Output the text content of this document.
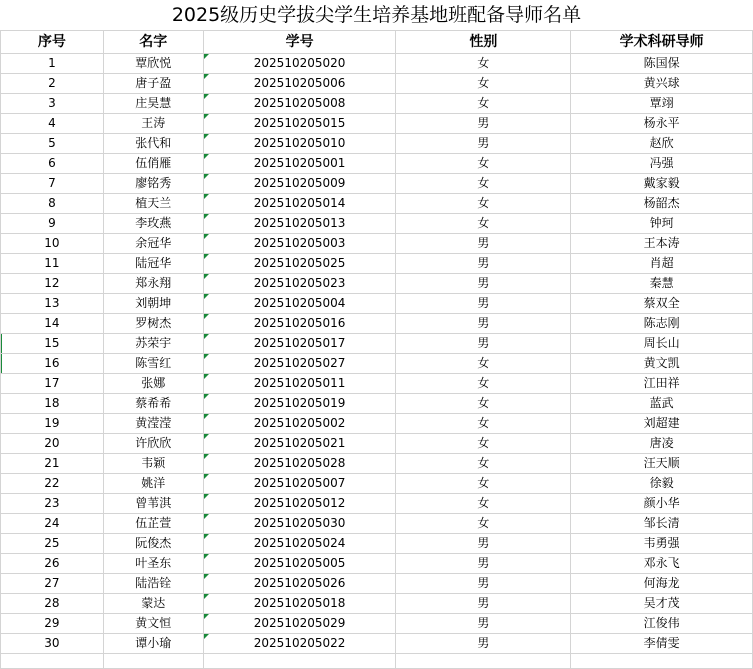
2025级历史学拔尖学生培养基地班配备导师名单				
序号	名字	学号	性别	学术科研导师
1	覃欣悦	202510205020	女	陈国保
2	唐子盈	202510205006	女	黄兴球
3	庄昊慧	202510205008	女	覃翊
4	王涛	202510205015	男	杨永平
5	张代和	202510205010	男	赵欣
6	伍俏雁	202510205001	女	冯强
7	廖铭秀	202510205009	女	戴家毅
8	植天兰	202510205014	女	杨韶杰
9	李玫燕	202510205013	女	钟珂
10	余冠华	202510205003	男	王本涛
11	陆冠华	202510205025	男	肖超
12	郑永翔	202510205023	男	秦慧
13	刘朝坤	202510205004	男	蔡双全
14	罗树杰	202510205016	男	陈志刚
15	苏荣宇	202510205017	男	周长山
16	陈雪红	202510205027	女	黄文凯
17	张娜	202510205011	女	江田祥
18	蔡希希	202510205019	女	蓝武
19	黄滢滢	202510205002	女	刘超建
20	许欣欣	202510205021	女	唐凌
21	韦颖	202510205028	女	汪天顺
22	姚洋	202510205007	女	徐毅
23	曾苇淇	202510205012	女	颜小华
24	伍芷萱	202510205030	女	邹长清
25	阮俊杰	202510205024	男	韦勇强
26	叶圣东	202510205005	男	邓永飞
27	陆浩铨	202510205026	男	何海龙
28	蒙达	202510205018	男	吴才茂
29	黄文恒	202510205029	男	江俊伟
30	谭小瑜	202510205022	男	李倩雯
